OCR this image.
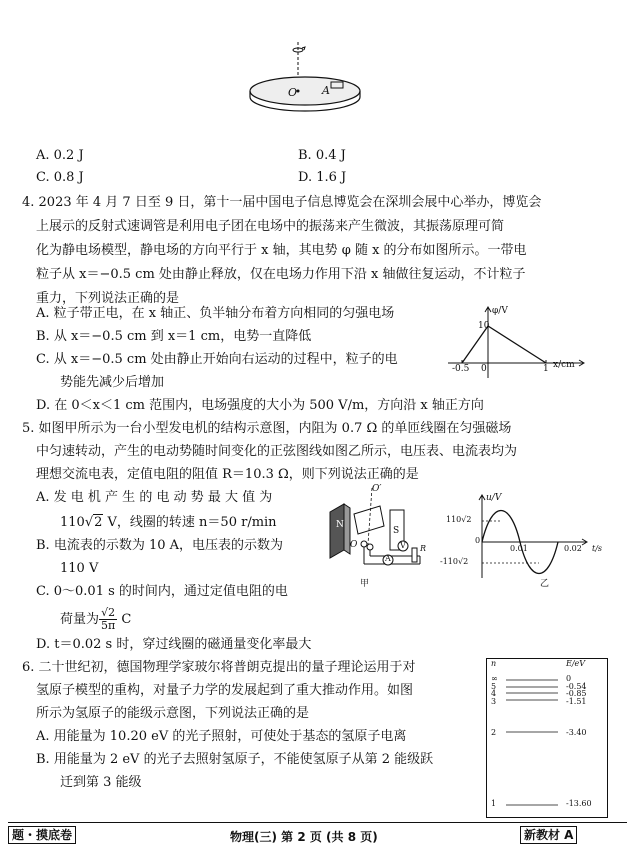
O A
A. 0.2 J	B. 0.4 J
C. 0.8 J	D. 1.6 J
4. 2023 年 4 月 7 日至 9 日，第十一届中国电子信息博览会在深圳会展中心举办，博览会
上展示的反射式速调管是利用电子团在电场中的振荡来产生微波，其振荡原理可简
化为静电场模型，静电场的方向平行于 x 轴，其电势 φ 随 x 的分布如图所示。一带电
粒子从 x＝−0.5 cm 处由静止释放，仅在电场力作用下沿 x 轴做往复运动，不计粒子
重力，下列说法正确的是
A. 粒子带正电，在 x 轴正、负半轴分布着方向相同的匀强电场
B. 从 x＝−0.5 cm 到 x＝1 cm，电势一直降低
C. 从 x＝−0.5 cm 处由静止开始向右运动的过程中，粒子的电
势能先减少后增加
D. 在 0＜x＜1 cm 范围内，电场强度的大小为 500 V/m，方向沿 x 轴正方向
φ/V
10
-0.5 0	1 x/cm
5. 如图甲所示为一台小型发电机的结构示意图，内阻为 0.7 Ω 的单匝线圈在匀强磁场
中匀速转动，产生的电动势随时间变化的正弦图线如图乙所示，电压表、电流表均为
理想交流电表，定值电阻的阻值 R＝10.3 Ω，则下列说法正确的是
A. 发 电 机 产 生 的 电 动 势 最 大 值 为
110√2 V，线圈的转速 n＝50 r/min
B. 电流表的示数为 10 A，电压表的示数为
110 V
C. 0～0.01 s 的时间内，通过定值电阻的电
荷量为 $\frac{√2}{5\pi}$ C
D. t＝0.02 s 时，穿过线圈的磁通量变化率最大
O′
N
S
O
A
V R
甲
u/V
110√2
0
0.01	0.02 t/s
-110√2
乙
6. 二十世纪初，德国物理学家玻尔将普朗克提出的量子理论运用于对
氢原子模型的重构，对量子力学的发展起到了重大推动作用。如图
所示为氢原子的能级示意图，下列说法正确的是
A. 用能量为 10.20 eV 的光子照射，可使处于基态的氢原子电离
B. 用能量为 2 eV 的光子去照射氢原子，不能使氢原子从第 2 能级跃
迁到第 3 能级
n	E/eV
∞	0
5	-0.54
4	-0.85
3	-1.51
2	-3.40
1	-13.60
题・摸底卷	物理(三) 第 2 页 (共 8 页)	新教材 A
